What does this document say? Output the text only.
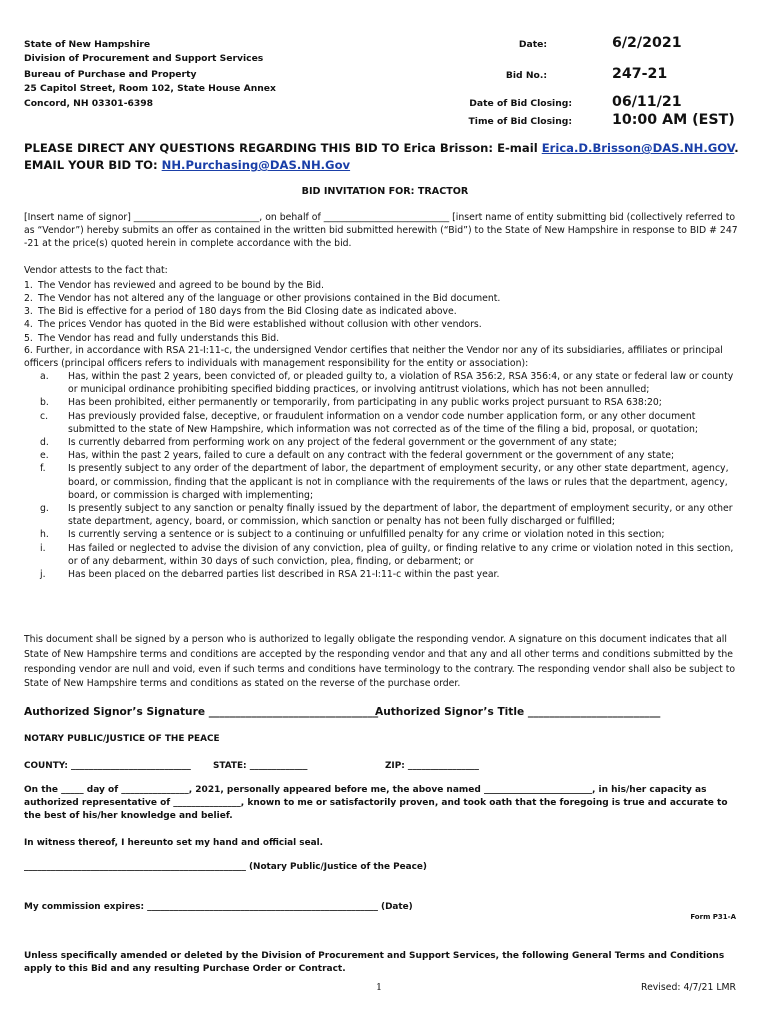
State of New Hampshire
Division of Procurement and Support Services
Bureau of Purchase and Property
25 Capitol Street, Room 102, State House Annex
Concord, NH 03301-6398
Date:	6/2/2021
Bid No.:	247-21
Date of Bid Closing:	06/11/21
Time of Bid Closing:	10:00 AM (EST)
PLEASE DIRECT ANY QUESTIONS REGARDING THIS BID TO Erica Brisson: E-mail Erica.D.Brisson@DAS.NH.GOV.
EMAIL YOUR BID TO: NH.Purchasing@DAS.NH.Gov
BID INVITATION FOR: TRACTOR

[Insert name of signor] ___________________________, on behalf of ___________________________ [insert name of entity submitting bid (collectively referred to as “Vendor”) hereby submits an offer as contained in the written bid submitted herewith (“Bid”) to the State of New Hampshire in response to BID # 247 -21 at the price(s) quoted herein in complete accordance with the bid.

Vendor attests to the fact that:
1. The Vendor has reviewed and agreed to be bound by the Bid.
2. The Vendor has not altered any of the language or other provisions contained in the Bid document.
3. The Bid is effective for a period of 180 days from the Bid Closing date as indicated above.
4. The prices Vendor has quoted in the Bid were established without collusion with other vendors.
5. The Vendor has read and fully understands this Bid.

6. Further, in accordance with RSA 21-I:11-c, the undersigned Vendor certifies that neither the Vendor nor any of its subsidiaries, affiliates or principal officers (principal officers refers to individuals with management responsibility for the entity or association):

a.	Has, within the past 2 years, been convicted of, or pleaded guilty to, a violation of RSA 356:2, RSA 356:4, or any state or federal law or county or municipal ordinance prohibiting specified bidding practices, or involving antitrust violations, which has not been annulled;
b.	Has been prohibited, either permanently or temporarily, from participating in any public works project pursuant to RSA 638:20;
c.	Has previously provided false, deceptive, or fraudulent information on a vendor code number application form, or any other document submitted to the state of New Hampshire, which information was not corrected as of the time of the filing a bid, proposal, or quotation;
d.	Is currently debarred from performing work on any project of the federal government or the government of any state;
e.	Has, within the past 2 years, failed to cure a default on any contract with the federal government or the government of any state;
f.	Is presently subject to any order of the department of labor, the department of employment security, or any other state department, agency, board, or commission, finding that the applicant is not in compliance with the requirements of the laws or rules that the department, agency, board, or commission is charged with implementing;
g.	Is presently subject to any sanction or penalty finally issued by the department of labor, the department of employment security, or any other state department, agency, board, or commission, which sanction or penalty has not been fully discharged or fulfilled;
h.	Is currently serving a sentence or is subject to a continuing or unfulfilled penalty for any crime or violation noted in this section;
i.	Has failed or neglected to advise the division of any conviction, plea of guilty, or finding relative to any crime or violation noted in this section, or of any debarment, within 30 days of such conviction, plea, finding, or debarment; or
j.	Has been placed on the debarred parties list described in RSA 21-I:11-c within the past year.

This document shall be signed by a person who is authorized to legally obligate the responding vendor. A signature on this document indicates that all State of New Hampshire terms and conditions are accepted by the responding vendor and that any and all other terms and conditions submitted by the responding vendor are null and void, even if such terms and conditions have terminology to the contrary. The responding vendor shall also be subject to State of New Hampshire terms and conditions as stated on the reverse of the purchase order.

Authorized Signor’s Signature ________________________________
Authorized Signor’s Title _________________________
NOTARY PUBLIC/JUSTICE OF THE PEACE
COUNTY: ___________________________ STATE: _____________	ZIP: ________________

On the _____ day of _______________, 2021, personally appeared before me, the above named ________________________, in his/her capacity as authorized representative of _______________, known to me or satisfactorily proven, and took oath that the foregoing is true and accurate to the best of his/her knowledge and belief.

In witness thereof, I hereunto set my hand and official seal.
__________________________________________________ (Notary Public/Justice of the Peace)
My commission expires: ____________________________________________________ (Date)
Form P31-A

Unless specifically amended or deleted by the Division of Procurement and Support Services, the following General Terms and Conditions apply to this Bid and any resulting Purchase Order or Contract.

1	Revised: 4/7/21 LMR
